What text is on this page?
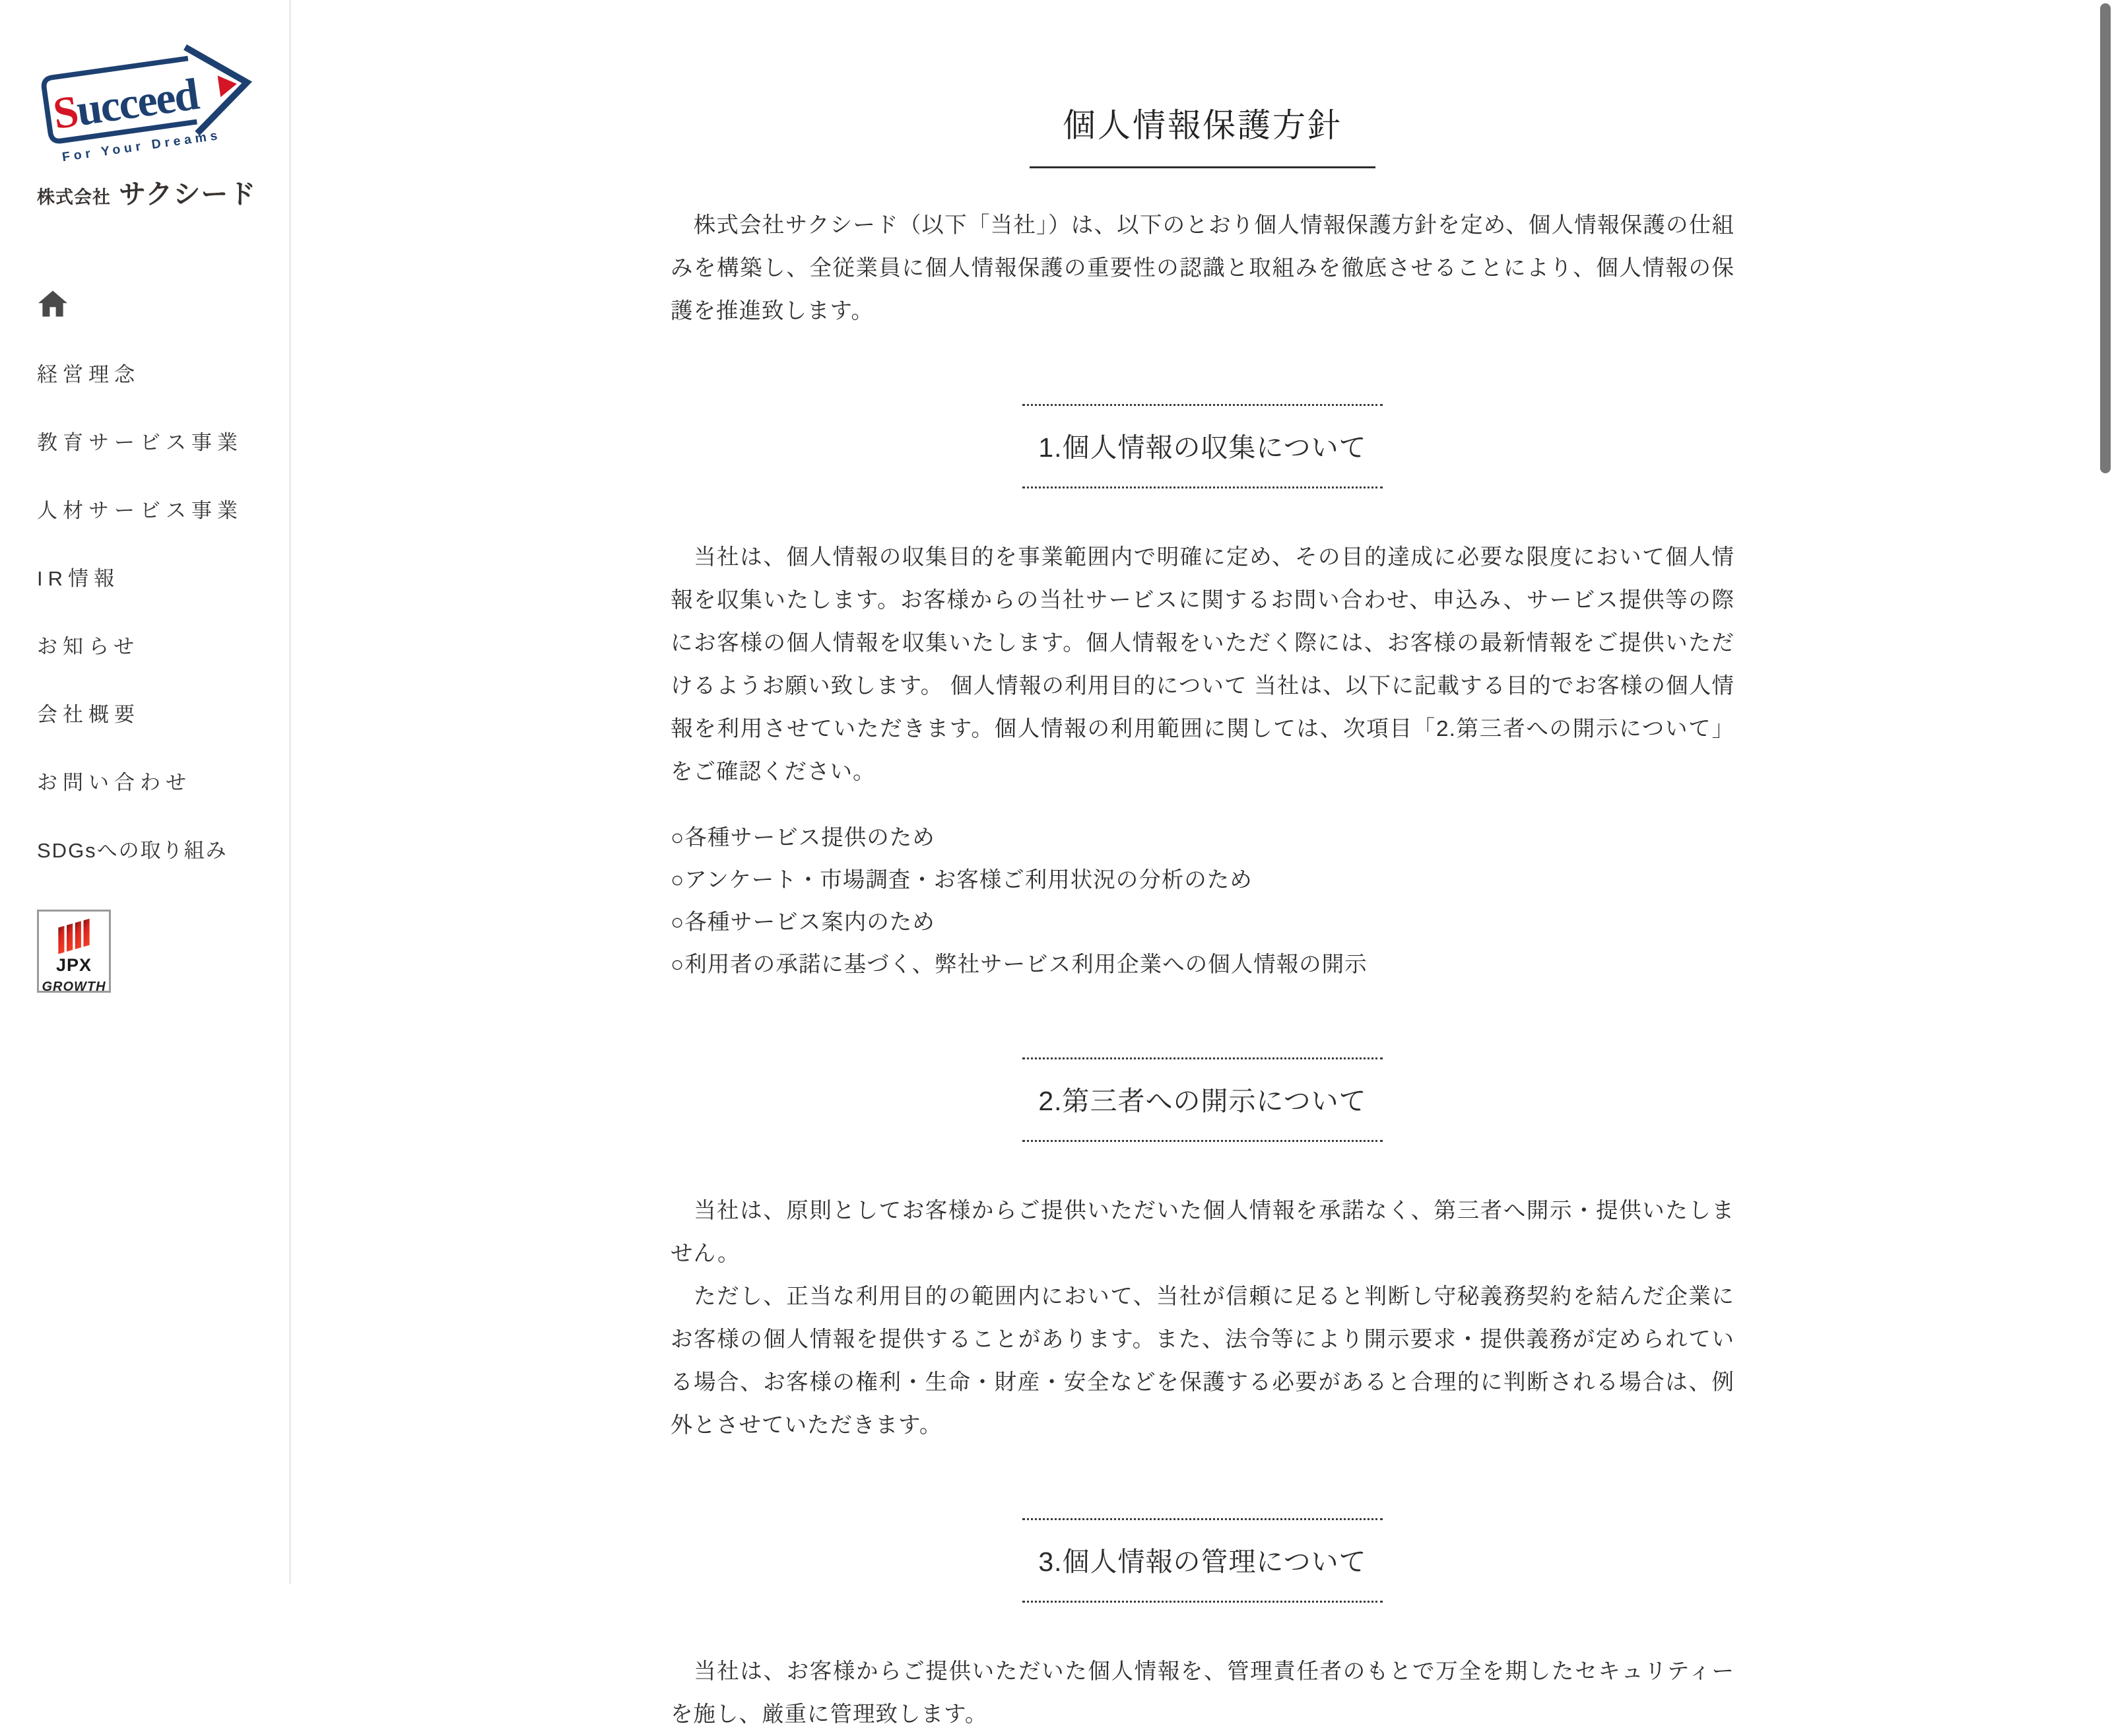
Succeed
For Your Dreams
株式会社 サクシード
経営理念
教育サービス事業
人材サービス事業
IR情報
お知らせ
会社概要
お問い合わせ
SDGsへの取り組み
JPX
GROWTH
個人情報保護方針

　株式会社サクシード（以下「当社」）は、以下のとおり個人情報保護方針を定め、個人情報保護の仕組みを構築し、全従業員に個人情報保護の重要性の認識と取組みを徹底させることにより、個人情報の保護を推進致します。

1.個人情報の収集について

　当社は、個人情報の収集目的を事業範囲内で明確に定め、その目的達成に必要な限度において個人情報を収集いたします。お客様からの当社サービスに関するお問い合わせ、申込み、サービス提供等の際にお客様の個人情報を収集いたします。個人情報をいただく際には、お客様の最新情報をご提供いただけるようお願い致します。 個人情報の利用目的について 当社は、以下に記載する目的でお客様の個人情報を利用させていただきます。個人情報の利用範囲に関しては、次項目「2.第三者への開示について」をご確認ください。

○各種サービス提供のため
○アンケート・市場調査・お客様ご利用状況の分析のため
○各種サービス案内のため
○利用者の承諾に基づく、弊社サービス利用企業への個人情報の開示
2.第三者への開示について

　当社は、原則としてお客様からご提供いただいた個人情報を承諾なく、第三者へ開示・提供いたしません。

　ただし、正当な利用目的の範囲内において、当社が信頼に足ると判断し守秘義務契約を結んだ企業にお客様の個人情報を提供することがあります。また、法令等により開示要求・提供義務が定められている場合、お客様の権利・生命・財産・安全などを保護する必要があると合理的に判断される場合は、例外とさせていただきます。

3.個人情報の管理について

　当社は、お客様からご提供いただいた個人情報を、管理責任者のもとで万全を期したセキュリティーを施し、厳重に管理致します。
